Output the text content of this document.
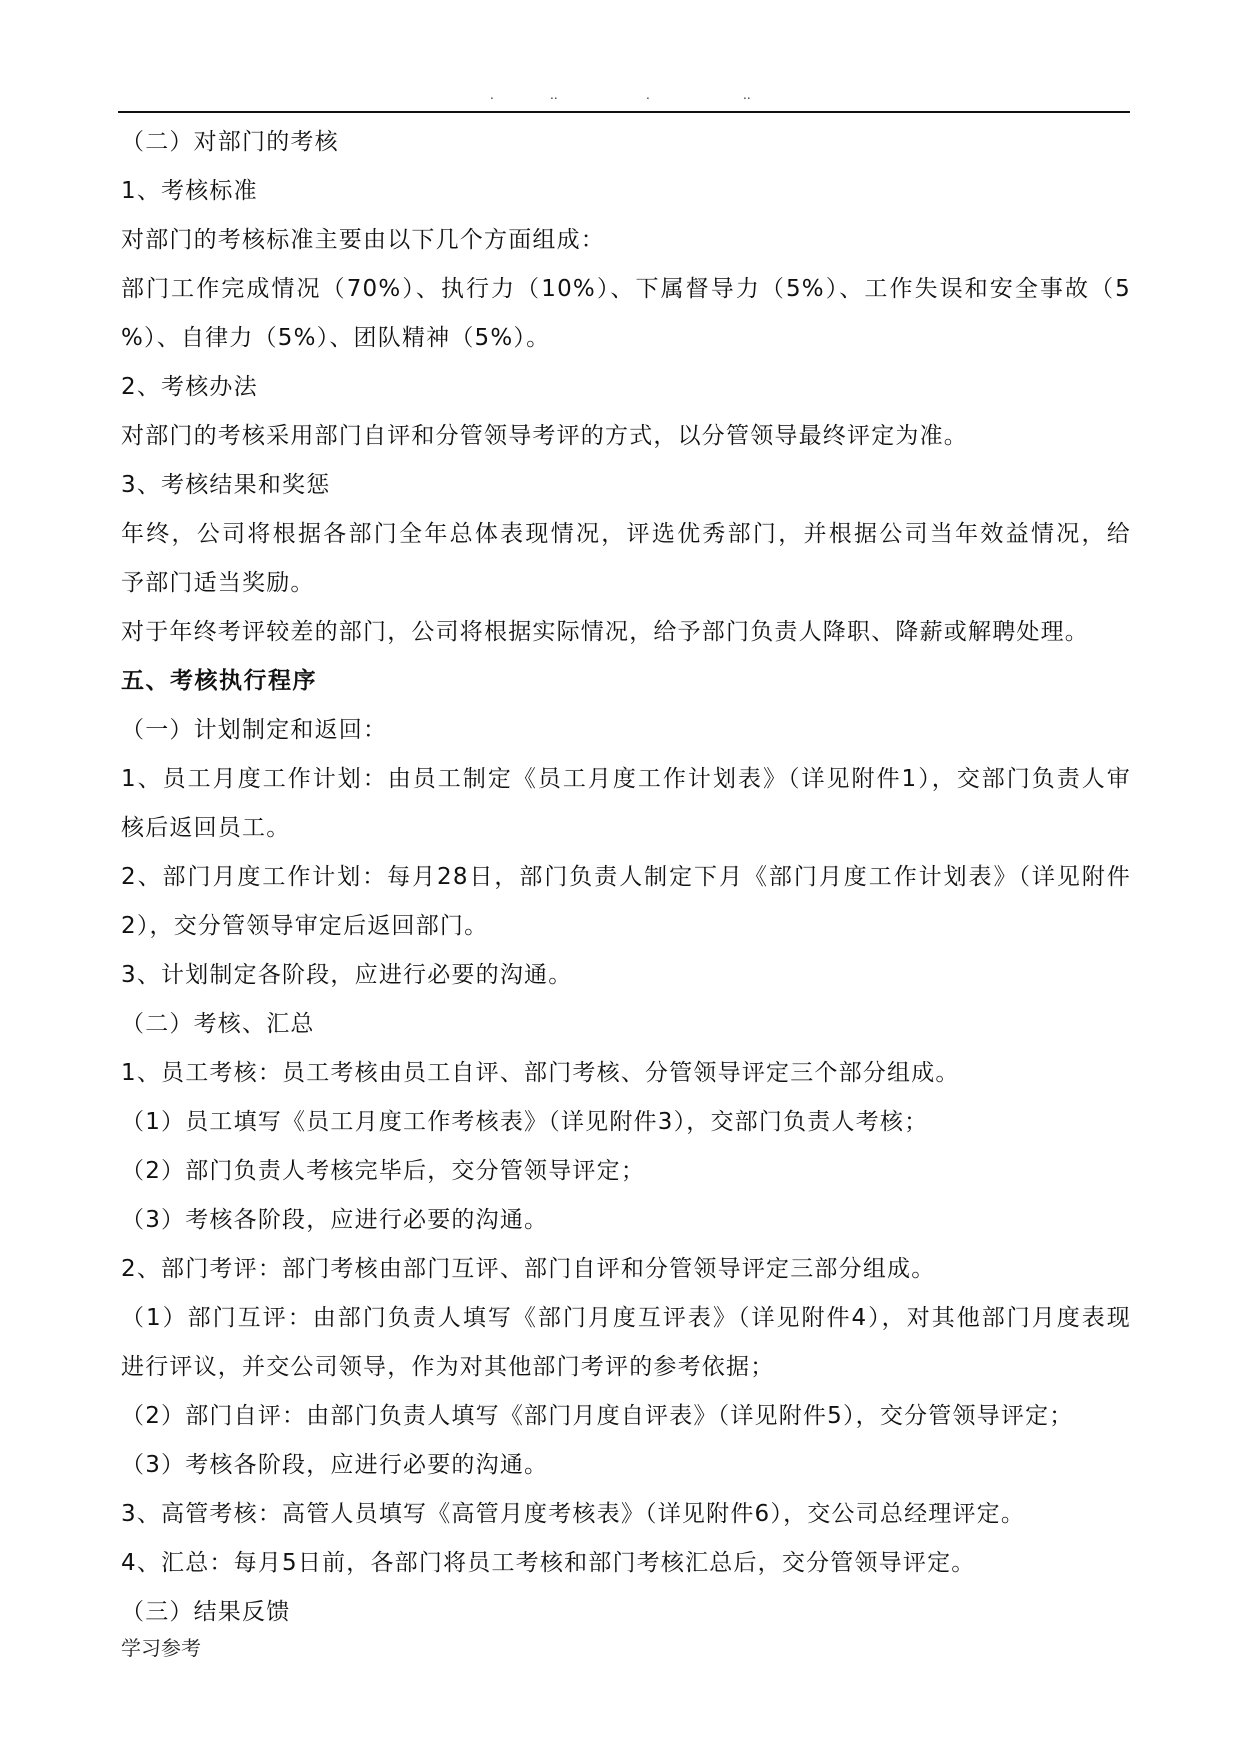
.	..	.	..
（二）对部门的考核
1、考核标准
对部门的考核标准主要由以下几个方面组成：
部门工作完成情况（70%）、执行力（10%）、下属督导力（5%）、工作失误和安全事故（5
%）、自律力（5%）、团队精神（5%）。
2、考核办法
对部门的考核采用部门自评和分管领导考评的方式，以分管领导最终评定为准。
3、考核结果和奖惩
年终，公司将根据各部门全年总体表现情况，评选优秀部门，并根据公司当年效益情况，给
予部门适当奖励。
对于年终考评较差的部门，公司将根据实际情况，给予部门负责人降职、降薪或解聘处理。
五、考核执行程序
（一）计划制定和返回：
1、员工月度工作计划：由员工制定《员工月度工作计划表》（详见附件1），交部门负责人审
核后返回员工。
2、部门月度工作计划：每月28日，部门负责人制定下月《部门月度工作计划表》（详见附件
2），交分管领导审定后返回部门。
3、计划制定各阶段，应进行必要的沟通。
（二）考核、汇总
1、员工考核：员工考核由员工自评、部门考核、分管领导评定三个部分组成。
（1）员工填写《员工月度工作考核表》（详见附件3），交部门负责人考核；
（2）部门负责人考核完毕后，交分管领导评定；
（3）考核各阶段，应进行必要的沟通。
2、部门考评：部门考核由部门互评、部门自评和分管领导评定三部分组成。
（1）部门互评：由部门负责人填写《部门月度互评表》（详见附件4），对其他部门月度表现
进行评议，并交公司领导，作为对其他部门考评的参考依据；
（2）部门自评：由部门负责人填写《部门月度自评表》（详见附件5），交分管领导评定；
（3）考核各阶段，应进行必要的沟通。
3、高管考核：高管人员填写《高管月度考核表》（详见附件6），交公司总经理评定。
4、汇总：每月5日前，各部门将员工考核和部门考核汇总后，交分管领导评定。
（三）结果反馈
学习参考
